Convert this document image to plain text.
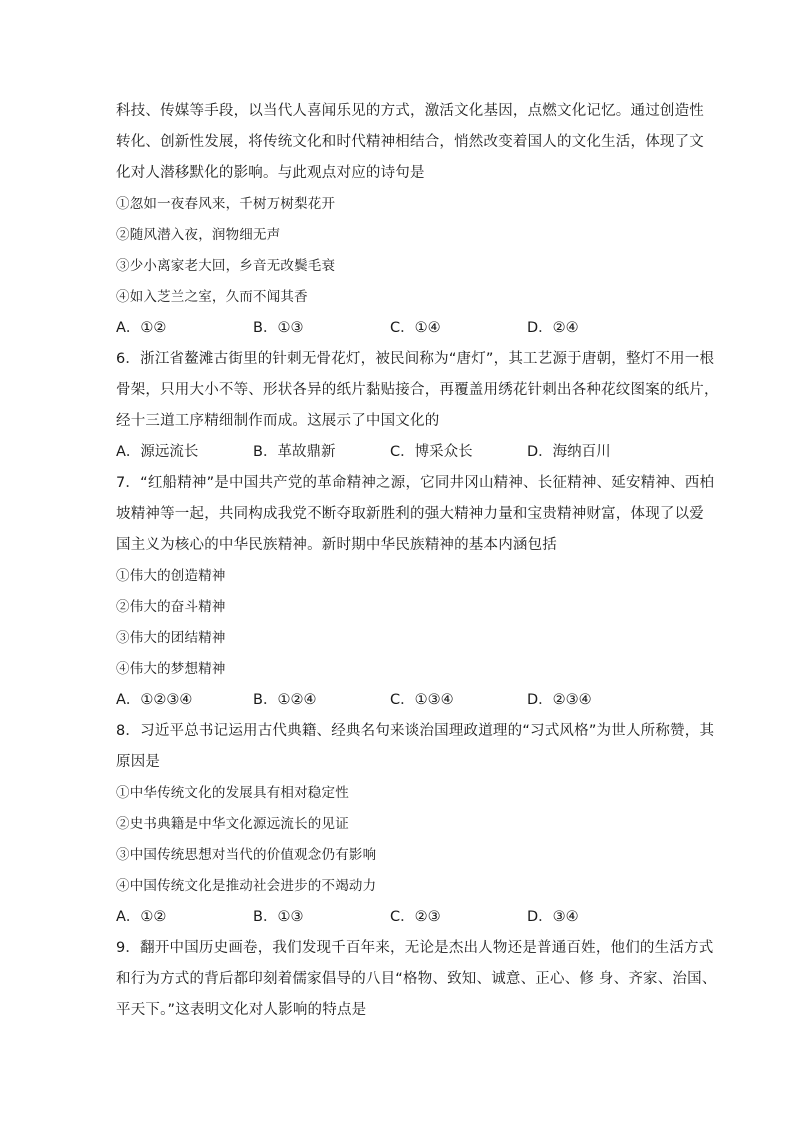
科技、传媒等手段，以当代人喜闻乐见的方式，激活文化基因，点燃文化记忆。通过创造性
转化、创新性发展，将传统文化和时代精神相结合，悄然改变着国人的文化生活，体现了文
化对人潜移默化的影响。与此观点对应的诗句是
①忽如一夜春风来，千树万树梨花开
②随风潜入夜，润物细无声
③少小离家老大回，乡音无改鬓毛衰
④如入芝兰之室，久而不闻其香
A．①②	B．①③	C．①④	D．②④
6．浙江省鳌滩古街里的针刺无骨花灯，被民间称为“唐灯”，其工艺源于唐朝，整灯不用一根
骨架，只用大小不等、形状各异的纸片黏贴接合，再覆盖用绣花针刺出各种花纹图案的纸片，
经十三道工序精细制作而成。这展示了中国文化的
A．源远流长	B．革故鼎新	C．博采众长	D．海纳百川
7．“红船精神”是中国共产党的革命精神之源，它同井冈山精神、长征精神、延安精神、西柏
坡精神等一起，共同构成我党不断夺取新胜利的强大精神力量和宝贵精神财富，体现了以爱
国主义为核心的中华民族精神。新时期中华民族精神的基本内涵包括
①伟大的创造精神
②伟大的奋斗精神
③伟大的团结精神
④伟大的梦想精神
A．①②③④	B．①②④	C．①③④	D．②③④
8．习近平总书记运用古代典籍、经典名句来谈治国理政道理的“习式风格”为世人所称赞，其
原因是
①中华传统文化的发展具有相对稳定性
②史书典籍是中华文化源远流长的见证
③中国传统思想对当代的价值观念仍有影响
④中国传统文化是推动社会进步的不竭动力
A．①②	B．①③	C．②③	D．③④
9．翻开中国历史画卷，我们发现千百年来，无论是杰出人物还是普通百姓，他们的生活方式
和行为方式的背后都印刻着儒家倡导的八目“格物、致知、诚意、正心、修 身、齐家、治国、
平天下。”这表明文化对人影响的特点是
